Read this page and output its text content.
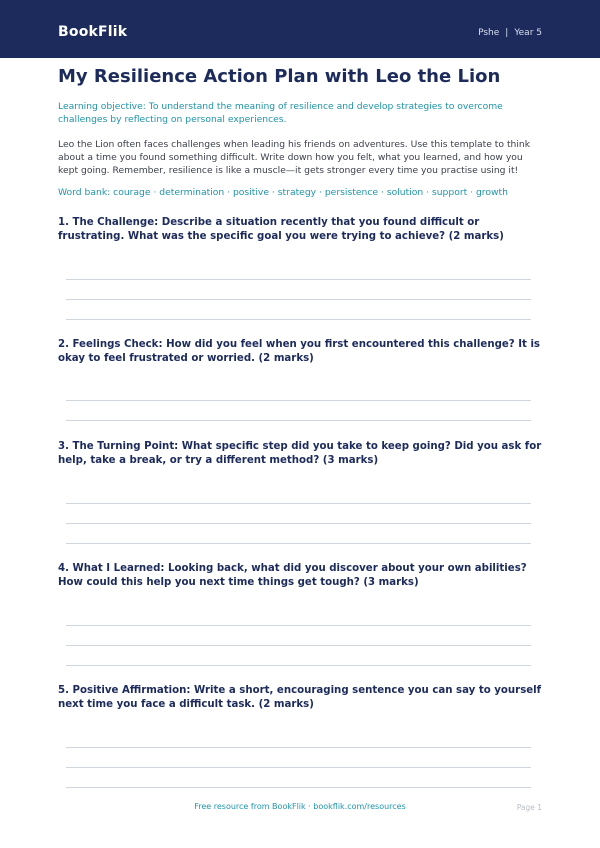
BookFlik	Pshe | Year 5
My Resilience Action Plan with Leo the Lion
Learning objective: To understand the meaning of resilience and develop strategies to overcome challenges by reflecting on personal experiences.
Leo the Lion often faces challenges when leading his friends on adventures. Use this template to think about a time you found something difficult. Write down how you felt, what you learned, and how you kept going. Remember, resilience is like a muscle—it gets stronger every time you practise using it!
Word bank: courage · determination · positive · strategy · persistence · solution · support · growth
1. The Challenge: Describe a situation recently that you found difficult or frustrating. What was the specific goal you were trying to achieve? (2 marks)
2. Feelings Check: How did you feel when you first encountered this challenge? It is okay to feel frustrated or worried. (2 marks)
3. The Turning Point: What specific step did you take to keep going? Did you ask for help, take a break, or try a different method? (3 marks)
4. What I Learned: Looking back, what did you discover about your own abilities? How could this help you next time things get tough? (3 marks)
5. Positive Affirmation: Write a short, encouraging sentence you can say to yourself next time you face a difficult task. (2 marks)
Free resource from BookFlik · bookflik.com/resources	Page 1
